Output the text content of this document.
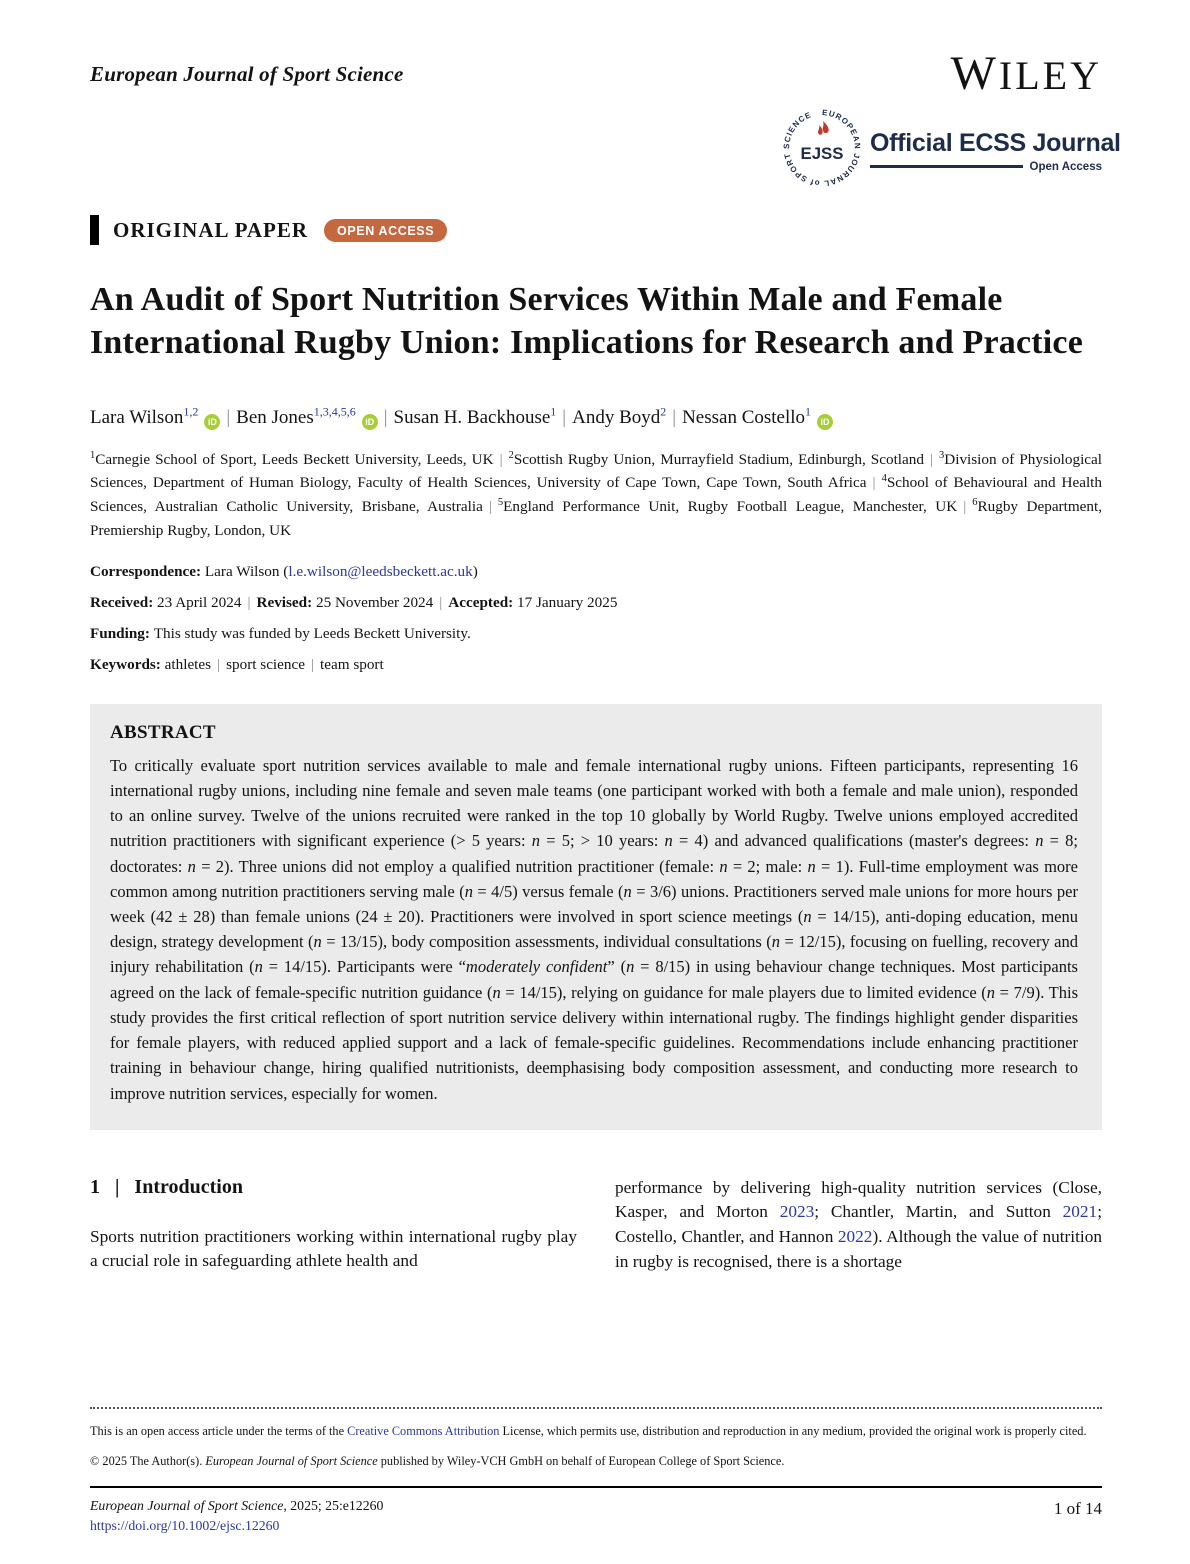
European Journal of Sport Science	WILEY
EUROPEAN JOURNAL of SPORT SCIENCE
EJSS Official ECSS Journal
Open Access
ORIGINAL PAPER	OPEN ACCESS
An Audit of Sport Nutrition Services Within Male and Female International Rugby Union: Implications for Research and Practice
Lara Wilson$^{1,2}$iD | Ben Jones$^{1,3,4,5,6}$iD | Susan H. Backhouse$^1$ | Andy Boyd$^2$ | Nessan Costello$^1$iD
$^1$Carnegie School of Sport, Leeds Beckett University, Leeds, UK | $^2$Scottish Rugby Union, Murrayfield Stadium, Edinburgh, Scotland | $^3$Division of Physiological Sciences, Department of Human Biology, Faculty of Health Sciences, University of Cape Town, Cape Town, South Africa | $^4$School of Behavioural and Health Sciences, Australian Catholic University, Brisbane, Australia | $^5$England Performance Unit, Rugby Football League, Manchester, UK | $^6$Rugby Department, Premiership Rugby, London, UK
Correspondence: Lara Wilson (l.e.wilson@leedsbeckett.ac.uk)
Received: 23 April 2024 | Revised: 25 November 2024 | Accepted: 17 January 2025
Funding: This study was funded by Leeds Beckett University.
Keywords: athletes | sport science | team sport
ABSTRACT
To critically evaluate sport nutrition services available to male and female international rugby unions. Fifteen participants, representing 16 international rugby unions, including nine female and seven male teams (one participant worked with both a female and male union), responded to an online survey. Twelve of the unions recruited were ranked in the top 10 globally by World Rugby. Twelve unions employed accredited nutrition practitioners with significant experience (> 5 years: n = 5; > 10 years: n = 4) and advanced qualifications (master's degrees: n = 8; doctorates: n = 2). Three unions did not employ a qualified nutrition practitioner (female: n = 2; male: n = 1). Full-time employment was more common among nutrition practitioners serving male (n = 4/5) versus female (n = 3/6) unions. Practitioners served male unions for more hours per week (42 ± 28) than female unions (24 ± 20). Practitioners were involved in sport science meetings (n = 14/15), anti-doping education, menu design, strategy development (n = 13/15), body composition assessments, individual consultations (n = 12/15), focusing on fuelling, recovery and injury rehabilitation (n = 14/15). Participants were “moderately confident” (n = 8/15) in using behaviour change techniques. Most participants agreed on the lack of female-specific nutrition guidance (n = 14/15), relying on guidance for male players due to limited evidence (n = 7/9). This study provides the first critical reflection of sport nutrition service delivery within international rugby. The findings highlight gender disparities for female players, with reduced applied support and a lack of female-specific guidelines. Recommendations include enhancing practitioner training in behaviour change, hiring qualified nutritionists, deemphasising body composition assessment, and conducting more research to improve nutrition services, especially for women.
1 | Introduction

Sports nutrition practitioners working within international rugby play a crucial role in safeguarding athlete health and

performance by delivering high-quality nutrition services (Close, Kasper, and Morton 2023; Chantler, Martin, and Sutton 2021; Costello, Chantler, and Hannon 2022). Although the value of nutrition in rugby is recognised, there is a shortage

This is an open access article under the terms of the Creative Commons Attribution License, which permits use, distribution and reproduction in any medium, provided the original work is properly cited.
© 2025 The Author(s). European Journal of Sport Science published by Wiley-VCH GmbH on behalf of European College of Sport Science.
European Journal of Sport Science, 2025; 25:e12260
https://doi.org/10.1002/ejsc.12260
1 of 14
